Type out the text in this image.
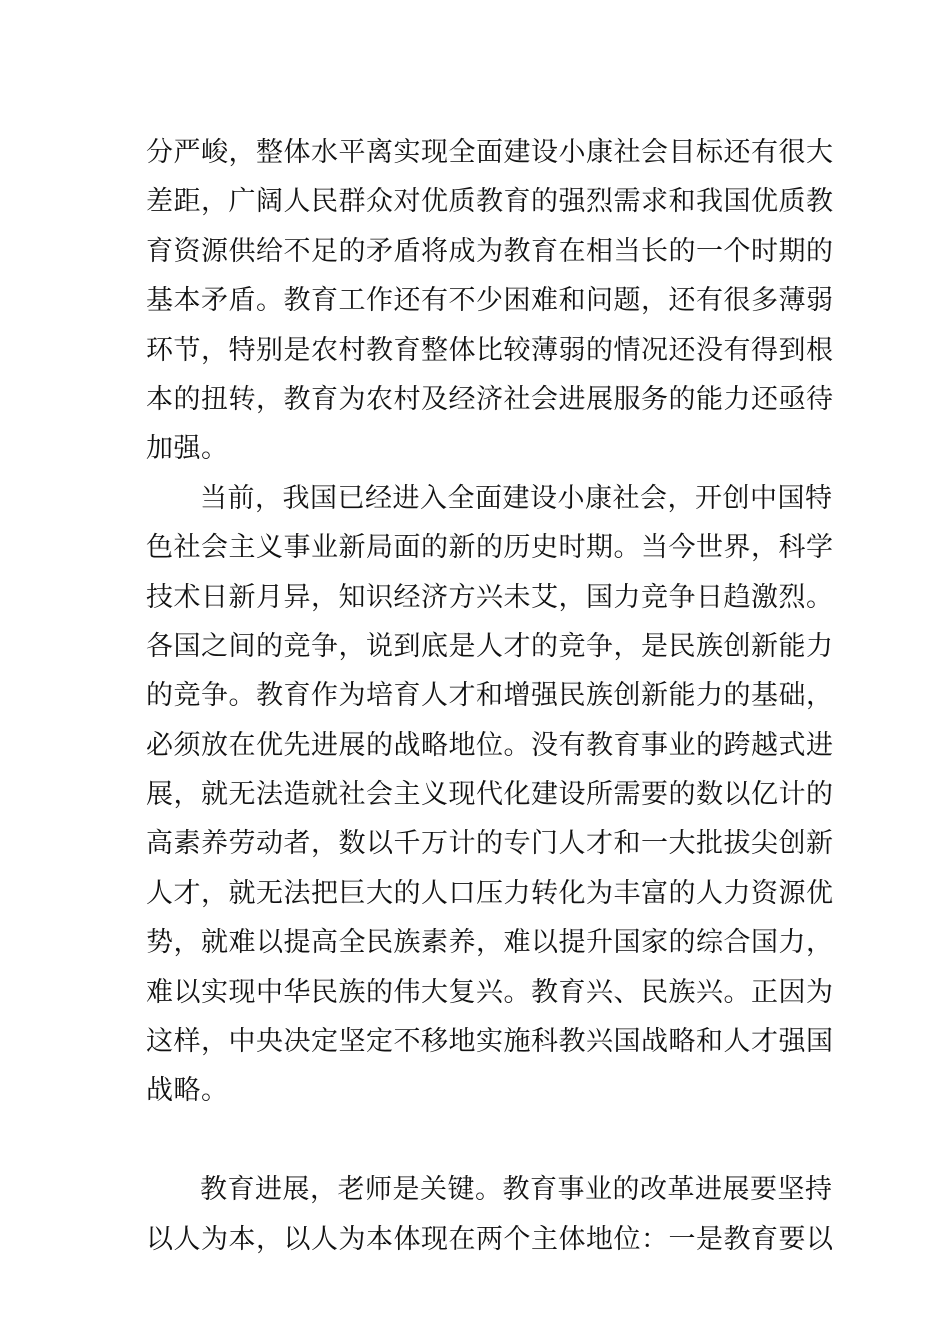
分严峻，整体水平离实现全面建设小康社会目标还有很大
差距，广阔人民群众对优质教育的强烈需求和我国优质教
育资源供给不足的矛盾将成为教育在相当长的一个时期的
基本矛盾。教育工作还有不少困难和问题，还有很多薄弱
环节，特别是农村教育整体比较薄弱的情况还没有得到根
本的扭转，教育为农村及经济社会进展服务的能力还亟待
加强。
当前，我国已经进入全面建设小康社会，开创中国特
色社会主义事业新局面的新的历史时期。当今世界，科学
技术日新月异，知识经济方兴未艾，国力竞争日趋激烈。
各国之间的竞争，说到底是人才的竞争，是民族创新能力
的竞争。教育作为培育人才和增强民族创新能力的基础，
必须放在优先进展的战略地位。没有教育事业的跨越式进
展，就无法造就社会主义现代化建设所需要的数以亿计的
高素养劳动者，数以千万计的专门人才和一大批拔尖创新
人才，就无法把巨大的人口压力转化为丰富的人力资源优
势，就难以提高全民族素养，难以提升国家的综合国力，
难以实现中华民族的伟大复兴。教育兴、民族兴。正因为
这样，中央决定坚定不移地实施科教兴国战略和人才强国
战略。
教育进展，老师是关键。教育事业的改革进展要坚持
以人为本，以人为本体现在两个主体地位：一是教育要以
